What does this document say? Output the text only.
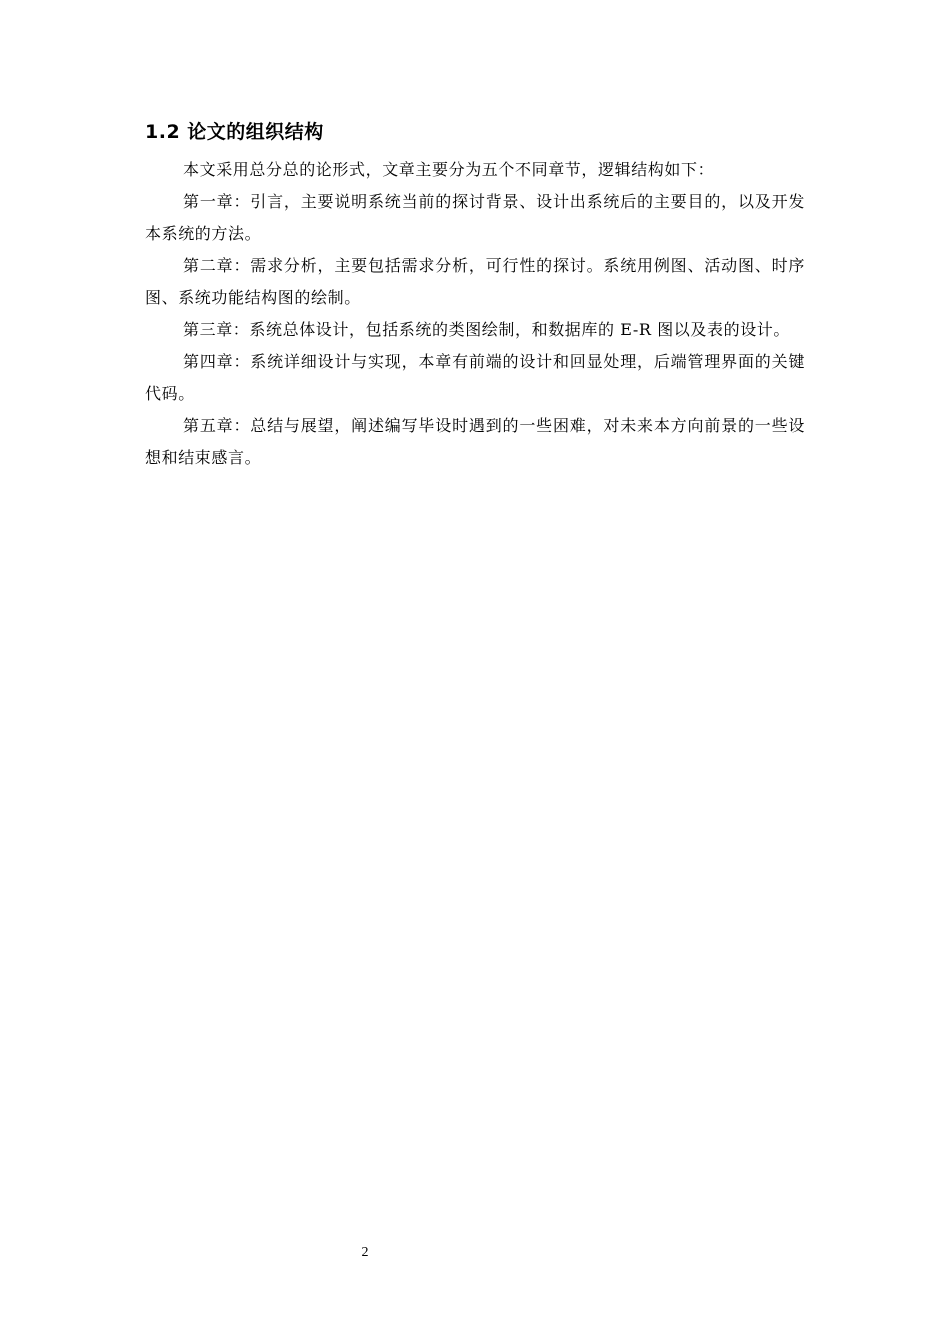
1.2 论文的组织结构

本文采用总分总的论形式，文章主要分为五个不同章节，逻辑结构如下：

第一章：引言，主要说明系统当前的探讨背景、设计出系统后的主要目的，以及开发本系统的方法。

第二章：需求分析，主要包括需求分析，可行性的探讨。系统用例图、活动图、时序图、系统功能结构图的绘制。

第三章：系统总体设计，包括系统的类图绘制，和数据库的 E-R 图以及表的设计。

第四章：系统详细设计与实现，本章有前端的设计和回显处理，后端管理界面的关键代码。

第五章：总结与展望，阐述编写毕设时遇到的一些困难，对未来本方向前景的一些设想和结束感言。

2
